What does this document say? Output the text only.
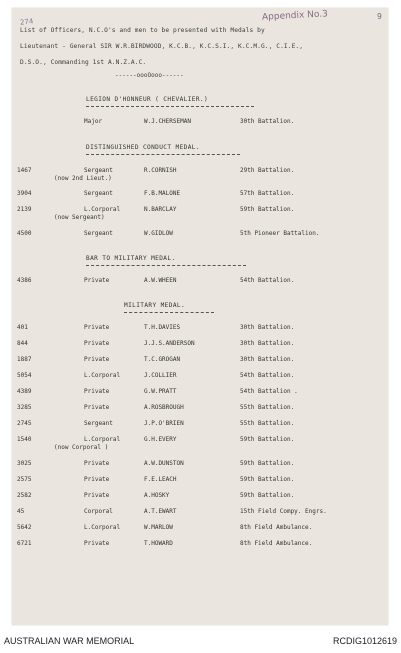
274	Appendix No.3	9
List of Officers, N.C.O's and men to be presented with Medals by
Lieutenant - General SIR W.R.BIRDWOOD, K.C.B., K.C.S.I., K.C.M.G., C.I.E.,
D.S.O., Commanding 1st A.N.Z.A.C.
------oooOooo------
LEGION D'HONNEUR ( CHEVALIER.)
Major	W.J.CHERSEMAN	30th Battalion.
DISTINGUISHED CONDUCT MEDAL.
1467	Sergeant	R.CORNISH	29th Battalion.
(now 2nd Lieut.)
3904	Sergeant	F.B.MALONE	57th Battalion.
2139	L.Corporal	N.BARCLAY	59th Battalion.
(now Sergeant)
4500	Sergeant	W.GIDLOW	5th Pioneer Battalion.
BAR TO MILITARY MEDAL.
4386	Private	A.W.WHEEN	54th Battalion.
MILITARY MEDAL.
401	Private	T.H.DAVIES	30th Battalion.
844	Private	J.J.S.ANDERSON	30th Battalion.
1887	Private	T.C.GROGAN	30th Battalion.
5054	L.Corporal	J.COLLIER	54th Battalion.
4389	Private	G.W.PRATT	54th Battalion .
3285	Private	A.ROSBROUGH	55th Battalion.
2745	Sergeant	J.P.O'BRIEN	55th Battalion.
1540	L.Corporal	G.H.EVERY	59th Battalion.
(now Corporal )
3025	Private	A.W.DUNSTON	59th Battalion.
2575	Private	F.E.LEACH	59th Battalion.
2582	Private	A.HOSKY	59th Battalion.
45	Corporal	A.T.EWART	15th Field Compy. Engrs.
5642	L.Corporal	W.MARLOW	8th Field Ambulance.
6721	Private	T.HOWARD	8th Field Ambulance.
AUSTRALIAN WAR MEMORIAL	RCDIG1012619
